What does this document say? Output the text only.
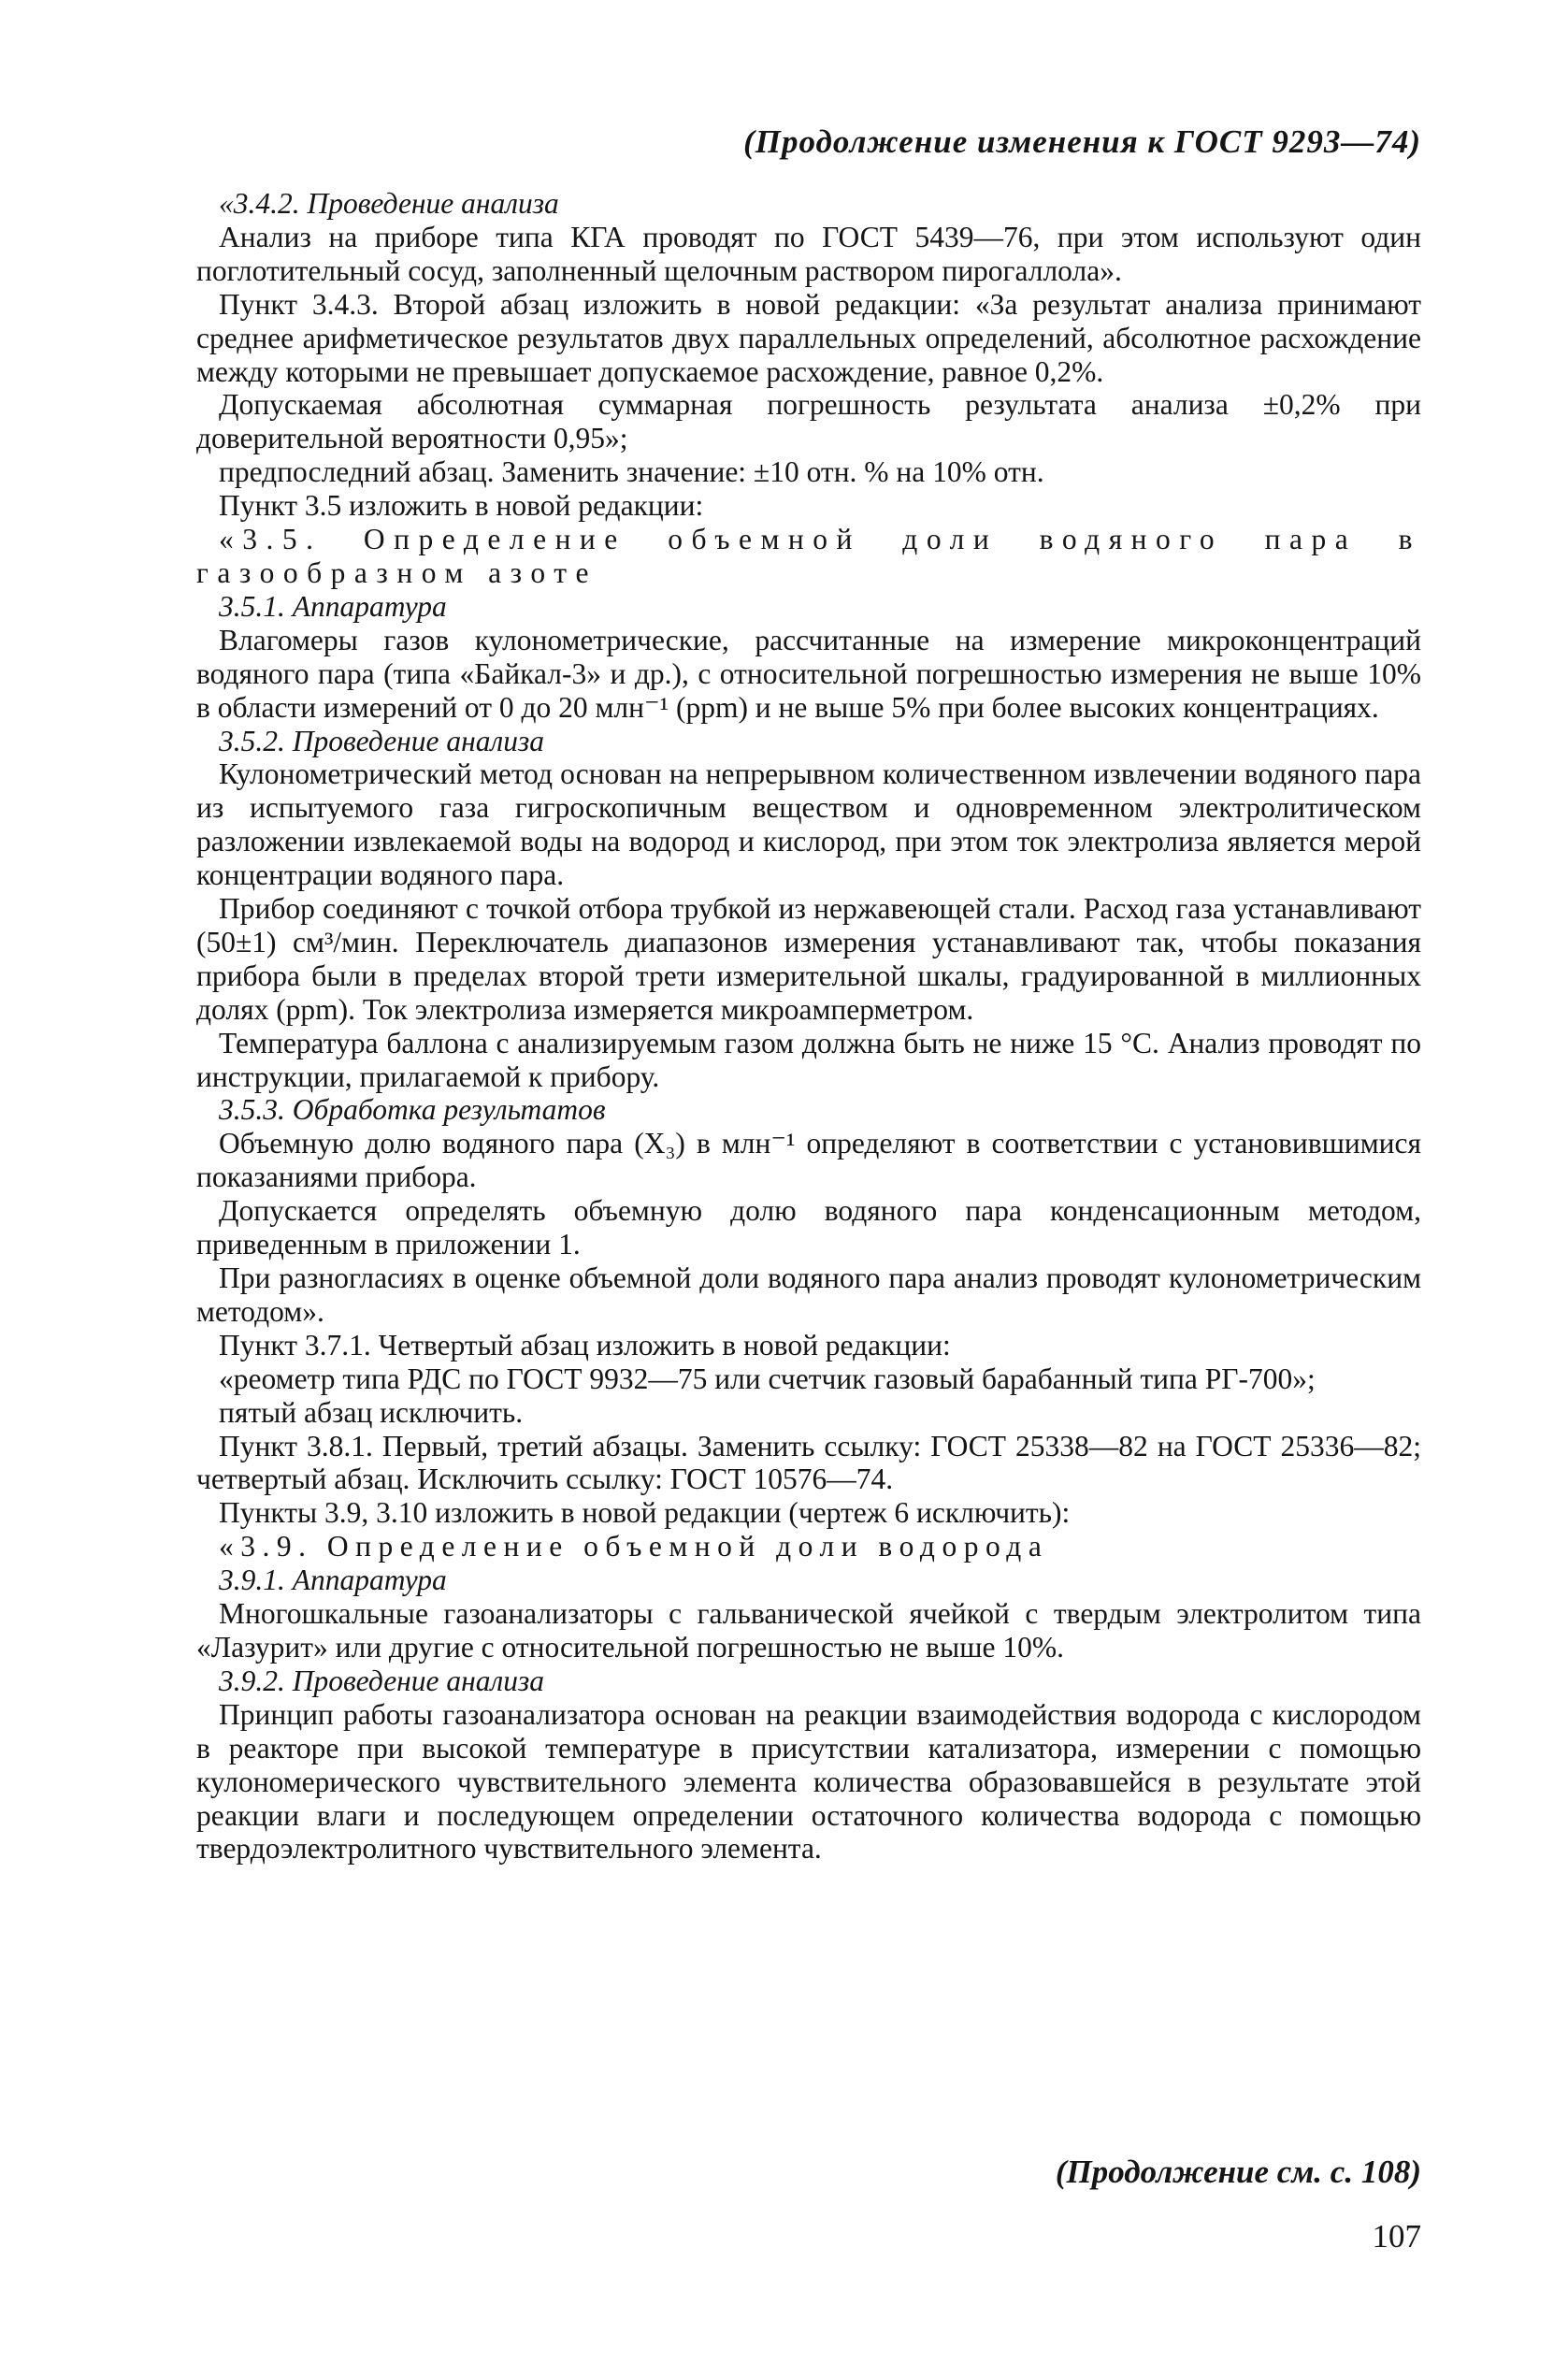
(Продолжение изменения к ГОСТ 9293—74)

«3.4.2. Проведение анализа

Анализ на приборе типа КГА проводят по ГОСТ 5439—76, при этом используют один поглотительный сосуд, заполненный щелочным раствором пирогаллола».

Пункт 3.4.3. Второй абзац изложить в новой редакции: «За результат анализа принимают среднее арифметическое результатов двух параллельных определений, абсолютное расхождение между которыми не превышает допускаемое расхождение, равное 0,2%.

Допускаемая абсолютная суммарная погрешность результата анализа ±0,2% при доверительной вероятности 0,95»;

предпоследний абзац. Заменить значение: ±10 отн. % на 10% отн.

Пункт 3.5 изложить в новой редакции:

«3.5. Определение объемной доли водяного пара в газообразном азоте

3.5.1. Аппаратура

Влагомеры газов кулонометрические, рассчитанные на измерение микроконцентраций водяного пара (типа «Байкал-3» и др.), с относительной погрешностью измерения не выше 10% в области измерений от 0 до 20 млн⁻¹ (ppm) и не выше 5% при более высоких концентрациях.

3.5.2. Проведение анализа

Кулонометрический метод основан на непрерывном количественном извлечении водяного пара из испытуемого газа гигроскопичным веществом и одновременном электролитическом разложении извлекаемой воды на водород и кислород, при этом ток электролиза является мерой концентрации водяного пара.

Прибор соединяют с точкой отбора трубкой из нержавеющей стали. Расход газа устанавливают (50±1) см³/мин. Переключатель диапазонов измерения устанавливают так, чтобы показания прибора были в пределах второй трети измерительной шкалы, градуированной в миллионных долях (ppm). Ток электролиза измеряется микроамперметром.

Температура баллона с анализируемым газом должна быть не ниже 15 °С. Анализ проводят по инструкции, прилагаемой к прибору.

3.5.3. Обработка результатов

Объемную долю водяного пара (X₃) в млн⁻¹ определяют в соответствии с установившимися показаниями прибора.

Допускается определять объемную долю водяного пара конденсационным методом, приведенным в приложении 1.

При разногласиях в оценке объемной доли водяного пара анализ проводят кулонометрическим методом».

Пункт 3.7.1. Четвертый абзац изложить в новой редакции:

«реометр типа РДС по ГОСТ 9932—75 или счетчик газовый барабанный типа РГ-700»;

пятый абзац исключить.

Пункт 3.8.1. Первый, третий абзацы. Заменить ссылку: ГОСТ 25338—82 на ГОСТ 25336—82; четвертый абзац. Исключить ссылку: ГОСТ 10576—74.

Пункты 3.9, 3.10 изложить в новой редакции (чертеж 6 исключить):

«3.9. Определение объемной доли водорода

3.9.1. Аппаратура

Многошкальные газоанализаторы с гальванической ячейкой с твердым электролитом типа «Лазурит» или другие с относительной погрешностью не выше 10%.

3.9.2. Проведение анализа

Принцип работы газоанализатора основан на реакции взаимодействия водорода с кислородом в реакторе при высокой температуре в присутствии катализатора, измерении с помощью кулономерического чувствительного элемента количества образовавшейся в результате этой реакции влаги и последующем определении остаточного количества водорода с помощью твердоэлектролитного чувствительного элемента.

(Продолжение см. с. 108)
107
